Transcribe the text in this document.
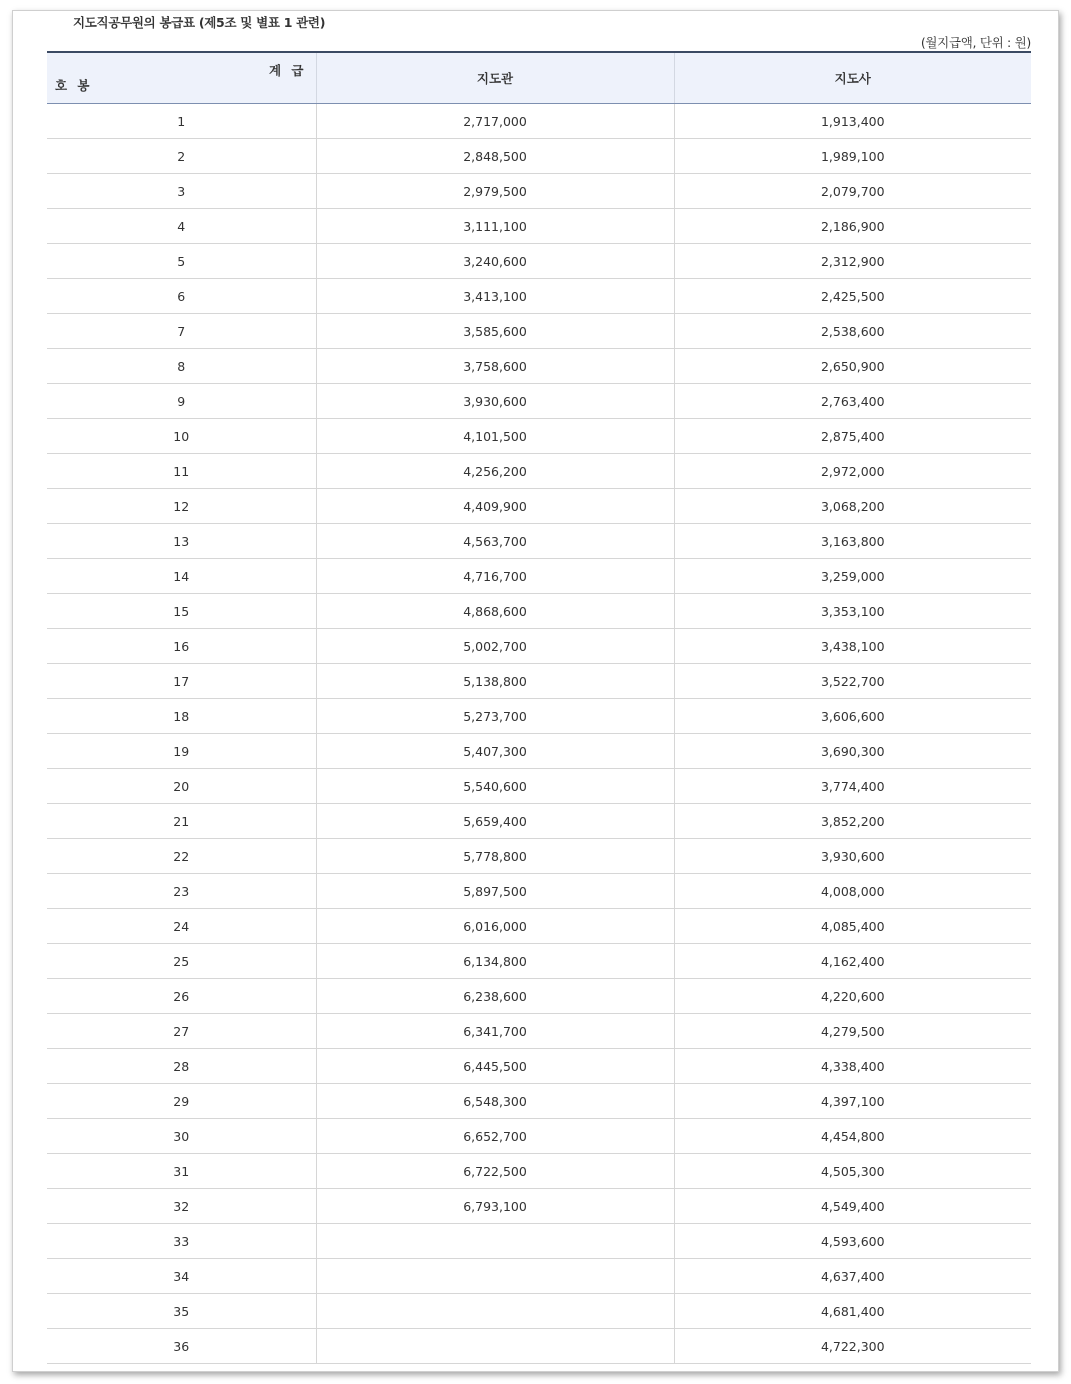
지도직공무원의 봉급표 (제5조 및 별표 1 관련)
(월지급액, 단위 : 원)
계 급
호 봉	지도관	지도사
1	2,717,000	1,913,400
2	2,848,500	1,989,100
3	2,979,500	2,079,700
4	3,111,100	2,186,900
5	3,240,600	2,312,900
6	3,413,100	2,425,500
7	3,585,600	2,538,600
8	3,758,600	2,650,900
9	3,930,600	2,763,400
10	4,101,500	2,875,400
11	4,256,200	2,972,000
12	4,409,900	3,068,200
13	4,563,700	3,163,800
14	4,716,700	3,259,000
15	4,868,600	3,353,100
16	5,002,700	3,438,100
17	5,138,800	3,522,700
18	5,273,700	3,606,600
19	5,407,300	3,690,300
20	5,540,600	3,774,400
21	5,659,400	3,852,200
22	5,778,800	3,930,600
23	5,897,500	4,008,000
24	6,016,000	4,085,400
25	6,134,800	4,162,400
26	6,238,600	4,220,600
27	6,341,700	4,279,500
28	6,445,500	4,338,400
29	6,548,300	4,397,100
30	6,652,700	4,454,800
31	6,722,500	4,505,300
32	6,793,100	4,549,400
33		4,593,600
34		4,637,400
35		4,681,400
36		4,722,300
